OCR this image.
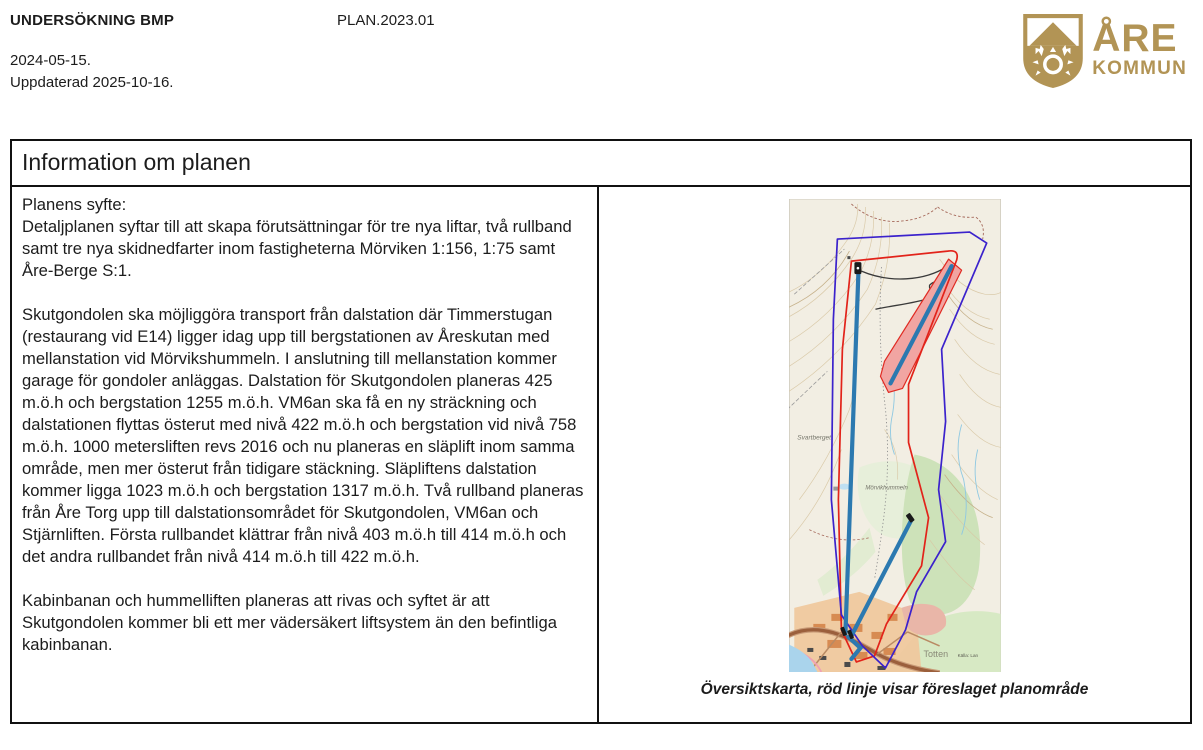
UNDERSÖKNING BMP	PLAN.2023.01
2024-05-15.
Uppdaterad 2025-10-16.
ÅRE
KOMMUN
Information om planen

Planens syfte:
Detaljplanen syftar till att skapa förutsättningar för tre nya liftar, två rullband samt tre nya skidnedfarter inom fastigheterna Mörviken 1:156, 1:75 samt Åre-Berge S:1.

Skutgondolen ska möjliggöra transport från dalstation där Timmerstugan (restaurang vid E14) ligger idag upp till bergstationen av Åreskutan med mellanstation vid Mörvikshummeln. I anslutning till mellanstation kommer garage för gondoler anläggas. Dalstation för Skutgondolen planeras 425 m.ö.h och bergstation 1255 m.ö.h. VM6an ska få en ny sträckning och dalstationen flyttas österut med nivå 422 m.ö.h och bergstation vid nivå 758 m.ö.h. 1000 metersliften revs 2016 och nu planeras en släplift inom samma område, men mer österut från tidigare stäckning. Släpliftens dalstation kommer ligga 1023 m.ö.h och bergstation 1317 m.ö.h. Två rullband planeras från Åre Torg upp till dalstationsområdet för Skutgondolen, VM6an och Stjärnliften. Första rullbandet klättrar från nivå 403 m.ö.h till 414 m.ö.h och det andra rullbandet från nivå 414 m.ö.h till 422 m.ö.h.

Kabinbanan och hummelliften planeras att rivas och syftet är att Skutgondolen kommer bli ett mer vädersäkert liftsystem än den befintliga kabinbanan.

Svartberget
Mörvikhummeln
Totten Källa: Lan
Översiktskarta, röd linje visar föreslaget planområde
